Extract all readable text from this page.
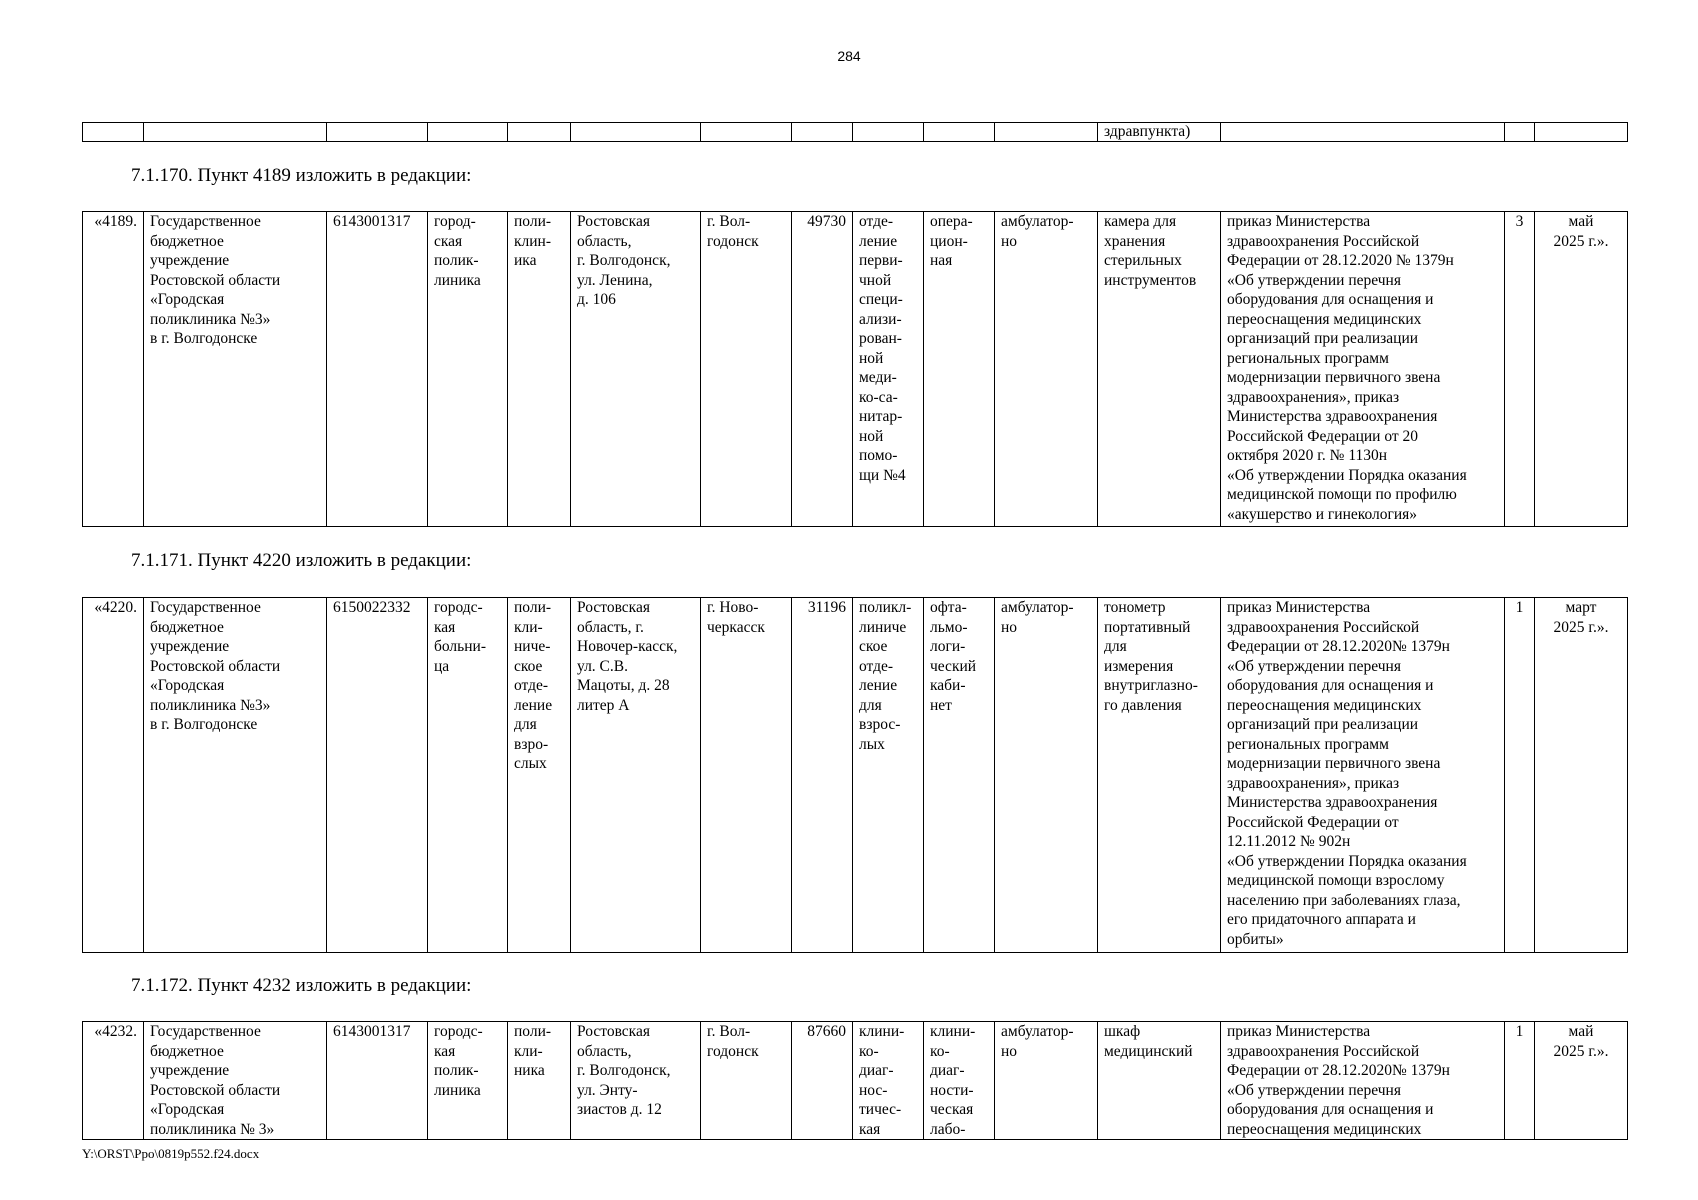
284
											здравпункта)			
7.1.170. Пункт 4189 изложить в редакции:
«4189.	Государственное
бюджетное
учреждение
Ростовской области
«Городская
поликлиника №3»
в г. Волгодонске	6143001317	город-
ская
полик-
линика	поли-
клин-
ика	Ростовская
область,
г. Волгодонск,
ул. Ленина,
д. 106	г. Вол-
годонск	49730	отде-
ление
перви-
чной
специ-
ализи-
рован-
ной
меди-
ко-са-
нитар-
ной
помо-
щи №4	опера-
цион-
ная	амбулатор-
но	камера для
хранения
стерильных
инструментов	приказ Министерства
здравоохранения Российской
Федерации от 28.12.2020 № 1379н
«Об утверждении перечня
оборудования для оснащения и
переоснащения медицинских
организаций при реализации
региональных программ
модернизации первичного звена
здравоохранения», приказ
Министерства здравоохранения
Российской Федерации от 20
октября 2020 г. № 1130н
«Об утверждении Порядка оказания
медицинской помощи по профилю
«акушерство и гинекология»	3	май
2025 г.».
7.1.171. Пункт 4220 изложить в редакции:
«4220.	Государственное
бюджетное
учреждение
Ростовской области
«Городская
поликлиника №3»
в г. Волгодонске	6150022332	городс-
кая
больни-
ца	поли-
кли-
ниче-
ское
отде-
ление
для
взро-
слых	Ростовская
область, г.
Новочер-касск,
ул. С.В.
Мацоты, д. 28
литер А	г. Ново-
черкасск	31196	поликл-
линиче
ское
отде-
ление
для
взрос-
лых	офта-
льмо-
логи-
ческий
каби-
нет	амбулатор-
но	тонометр
портативный
для
измерения
внутриглазно-
го давления	приказ Министерства
здравоохранения Российской
Федерации от 28.12.2020№ 1379н
«Об утверждении перечня
оборудования для оснащения и
переоснащения медицинских
организаций при реализации
региональных программ
модернизации первичного звена
здравоохранения», приказ
Министерства здравоохранения
Российской Федерации от
12.11.2012 № 902н
«Об утверждении Порядка оказания
медицинской помощи взрослому
населению при заболеваниях глаза,
его придаточного аппарата и
орбиты»	1	март
2025 г.».
7.1.172. Пункт 4232 изложить в редакции:
«4232.	Государственное
бюджетное
учреждение
Ростовской области
«Городская
поликлиника № 3»	6143001317	городс-
кая
полик-
линика	поли-
кли-
ника	Ростовская
область,
г. Волгодонск,
ул. Энту-
зиастов д. 12	г. Вол-
годонск	87660	клини-
ко-
диаг-
нос-
тичес-
кая	клини-
ко-
диаг-
ности-
ческая
лабо-	амбулатор-
но	шкаф
медицинский	приказ Министерства
здравоохранения Российской
Федерации от 28.12.2020№ 1379н
«Об утверждении перечня
оборудования для оснащения и
переоснащения медицинских	1	май
2025 г.».
Y:\ORST\Ppo\0819p552.f24.docx
